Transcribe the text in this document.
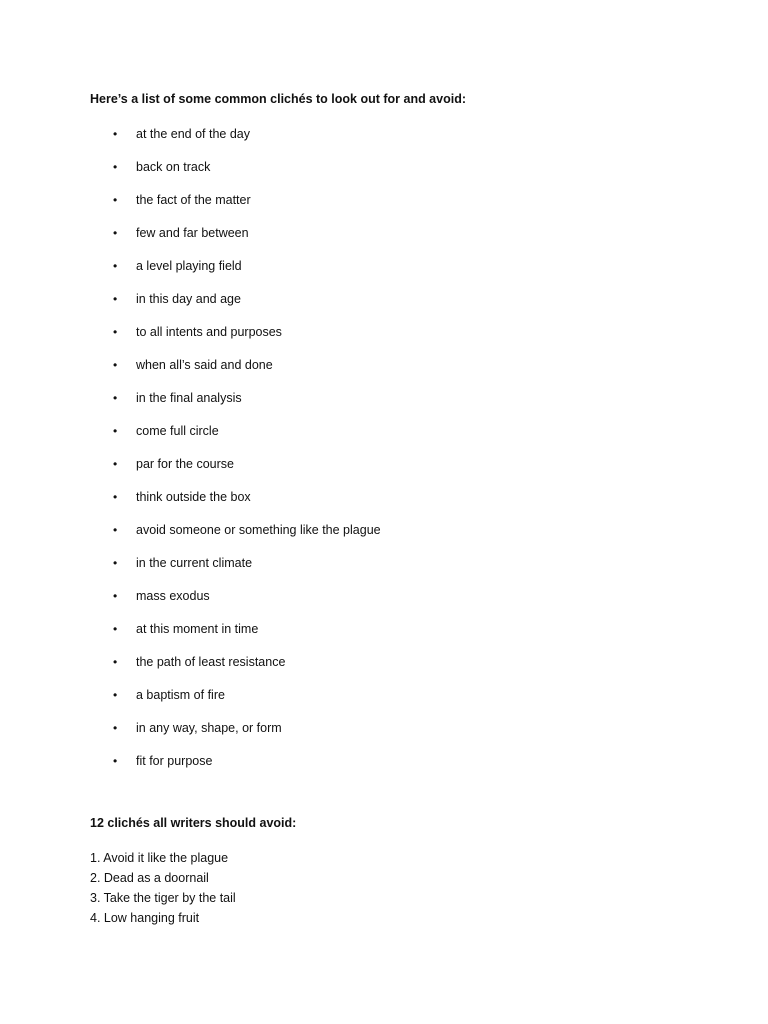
Here’s a list of some common clichés to look out for and avoid:
• at the end of the day
• back on track
• the fact of the matter
• few and far between
• a level playing field
• in this day and age
• to all intents and purposes
• when all’s said and done
• in the final analysis
• come full circle
• par for the course
• think outside the box
• avoid someone or something like the plague
• in the current climate
• mass exodus
• at this moment in time
• the path of least resistance
• a baptism of fire
• in any way, shape, or form
• fit for purpose
12 clichés all writers should avoid:
1. Avoid it like the plague
2. Dead as a doornail
3. Take the tiger by the tail
4. Low hanging fruit
